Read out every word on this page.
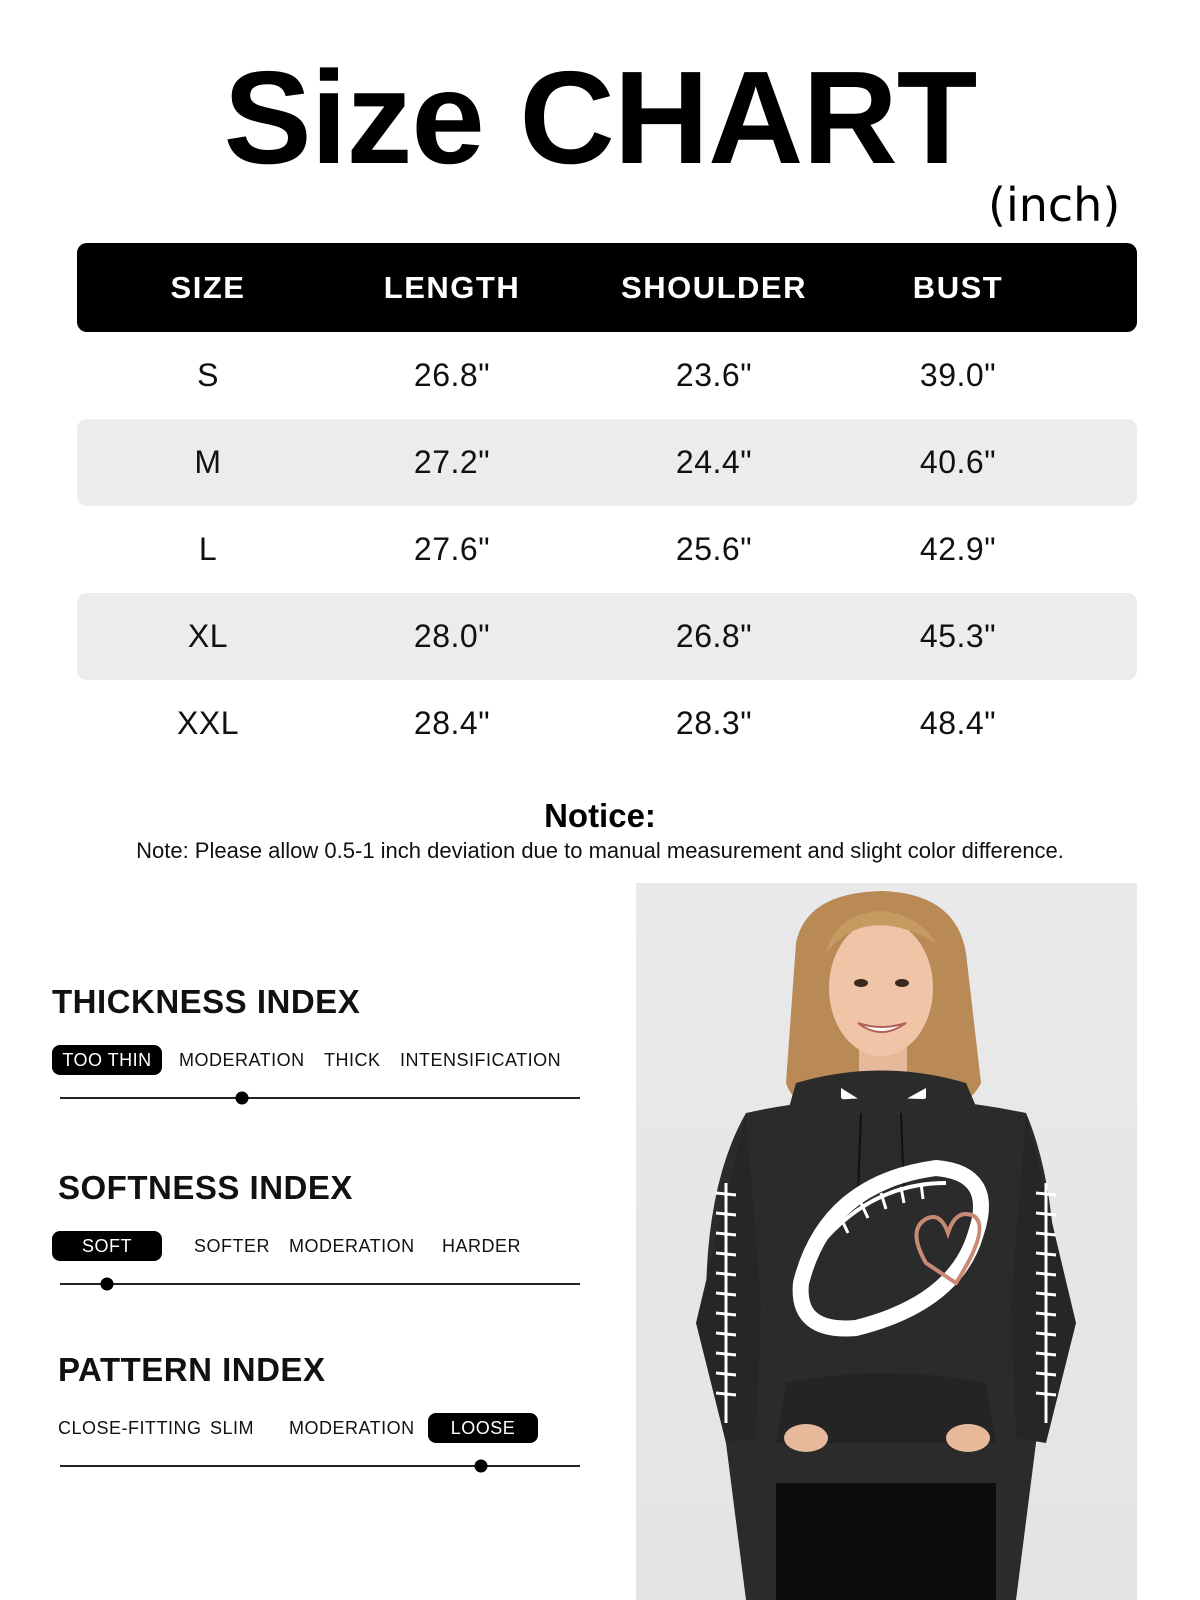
Size CHART
(inch)
SIZE	LENGTH	SHOULDER	BUST
S	26.8"	23.6"	39.0"
M	27.2"	24.4"	40.6"
L	27.6"	25.6"	42.9"
XL	28.0"	26.8"	45.3"
XXL	28.4"	28.3"	48.4"
Notice:
Note: Please allow 0.5-1 inch deviation due to manual measurement and slight color difference.
THICKNESS INDEX
TOO THIN	MODERATION THICK INTENSIFICATION
SOFTNESS INDEX
SOFT	SOFTER MODERATION HARDER
PATTERN INDEX
CLOSE-FITTING SLIM MODERATION	LOOSE
